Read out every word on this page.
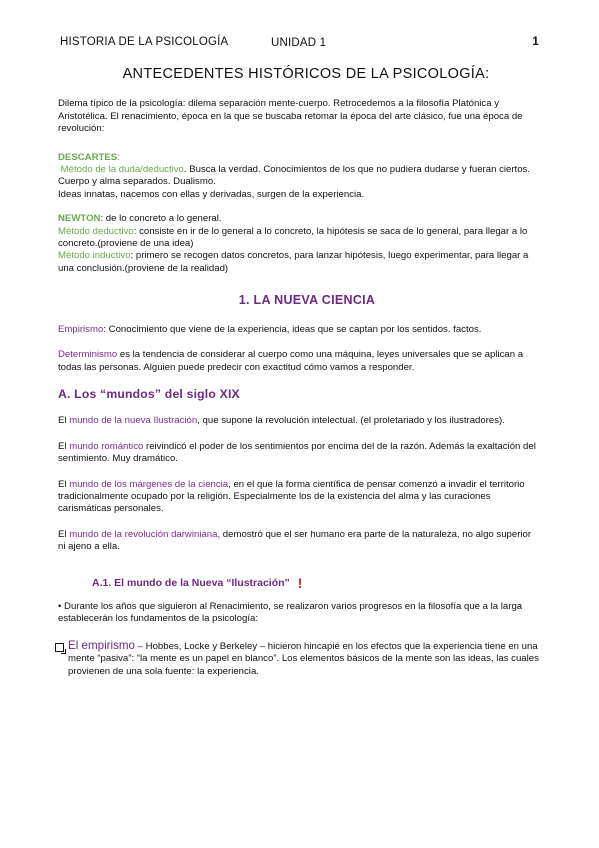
HISTORIA DE LA PSICOLOGÍA	UNIDAD 1	1
ANTECEDENTES HISTÓRICOS DE LA PSICOLOGÍA:

Dilema típico de la psicología: dilema separación mente-cuerpo. Retrocedemos a la filosofía Platónica y Aristotélica. El renacimiento, época en la que se buscaba retomar la época del arte clásico, fue una época de revolución:

DESCARTES:

Método de la duda/deductivo. Busca la verdad. Conocimientos de los que no pudiera dudarse y fueran ciertos. Cuerpo y alma separados. Dualismo.

Ideas innatas, nacemos con ellas y derivadas, surgen de la experiencia.

NEWTON: de lo concreto a lo general.

Método deductivo: consiste en ir de lo general a lo concreto, la hipótesis se saca de lo general, para llegar a lo concreto.(proviene de una idea)

Método inductivo: primero se recogen datos concretos, para lanzar hipótesis, luego experimentar, para llegar a una conclusión.(proviene de la realidad)

1. LA NUEVA CIENCIA

Empirismo: Conocimiento que viene de la experiencia, ideas que se captan por los sentidos. factos.

Determinismo es la tendencia de considerar al cuerpo como una máquina, leyes universales que se aplican a todas las personas. Alguien puede predecir con exactitud cómo vamos a responder.

A. Los “mundos” del siglo XIX

El mundo de la nueva Ilustración, que supone la revolución intelectual. (el proletariado y los ilustradores).

El mundo romántico reivindicó el poder de los sentimientos por encima del de la razón. Además la exaltación del sentimiento. Muy dramático.

El mundo de los márgenes de la ciencia, en el que la forma científica de pensar comenzó a invadir el territorio tradicionalmente ocupado por la religión. Especialmente los de la existencia del alma y las curaciones carismáticas personales.

El mundo de la revolución darwiniana, demostró que el ser humano era parte de la naturaleza, no algo superior ni ajeno a ella.

A.1. El mundo de la Nueva “Ilustración” !

• Durante los años que siguieron al Renacimiento, se realizaron varios progresos en la filosofía que a la larga establecerán los fundamentos de la psicología:

El empirismo – Hobbes, Locke y Berkeley – hicieron hincapié en los efectos que la experiencia tiene en una mente “pasiva”: “la mente es un papel en blanco”. Los elementos básicos de la mente son las ideas, las cuales provienen de una sola fuente: la experiencia.
